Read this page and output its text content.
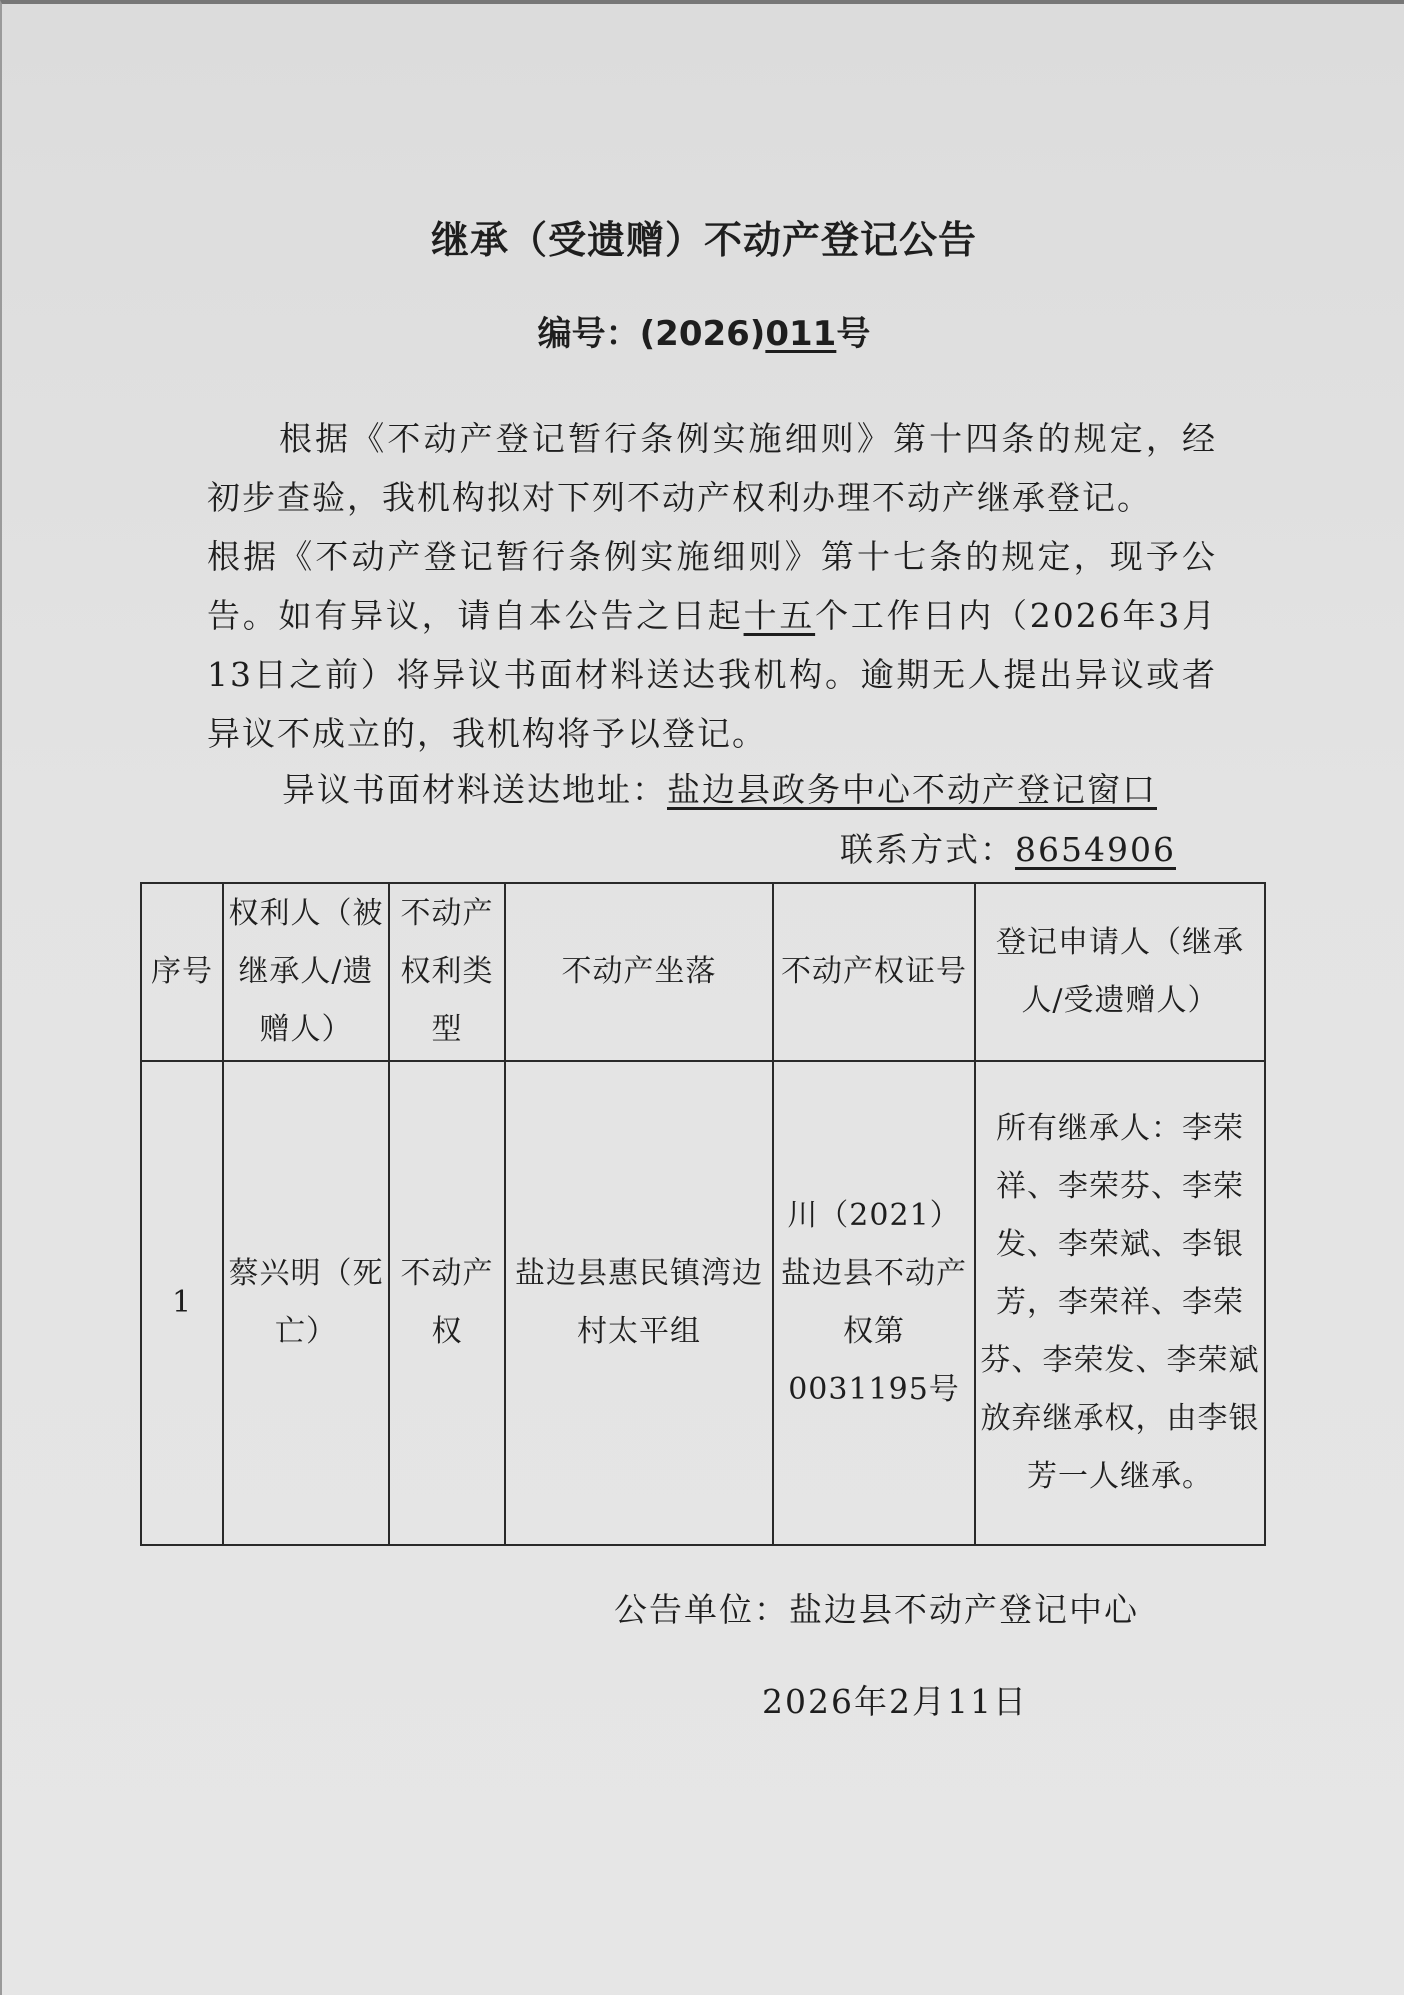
继承（受遗赠）不动产登记公告
编号：(2026)011号

根据《不动产登记暂行条例实施细则》第十四条的规定，经初步查验，我机构拟对下列不动产权利办理不动产继承登记。

根据《不动产登记暂行条例实施细则》第十七条的规定，现予公告。如有异议，请自本公告之日起十五个工作日内（2026年3月13日之前）将异议书面材料送达我机构。逾期无人提出异议或者异议不成立的，我机构将予以登记。

异议书面材料送达地址：盐边县政务中心不动产登记窗口
联系方式：8654906
序号	权利人（被继承人/遗赠人）	不动产权利类型	不动产坐落	不动产权证号	登记申请人（继承人/受遗赠人）
1	蔡兴明（死亡）	不动产权	盐边县惠民镇湾边村太平组	川（2021）盐边县不动产权第0031195号	所有继承人：李荣祥、李荣芬、李荣发、李荣斌、李银芳，李荣祥、李荣芬、李荣发、李荣斌放弃继承权，由李银芳一人继承。
公告单位：盐边县不动产登记中心
2026年2月11日
